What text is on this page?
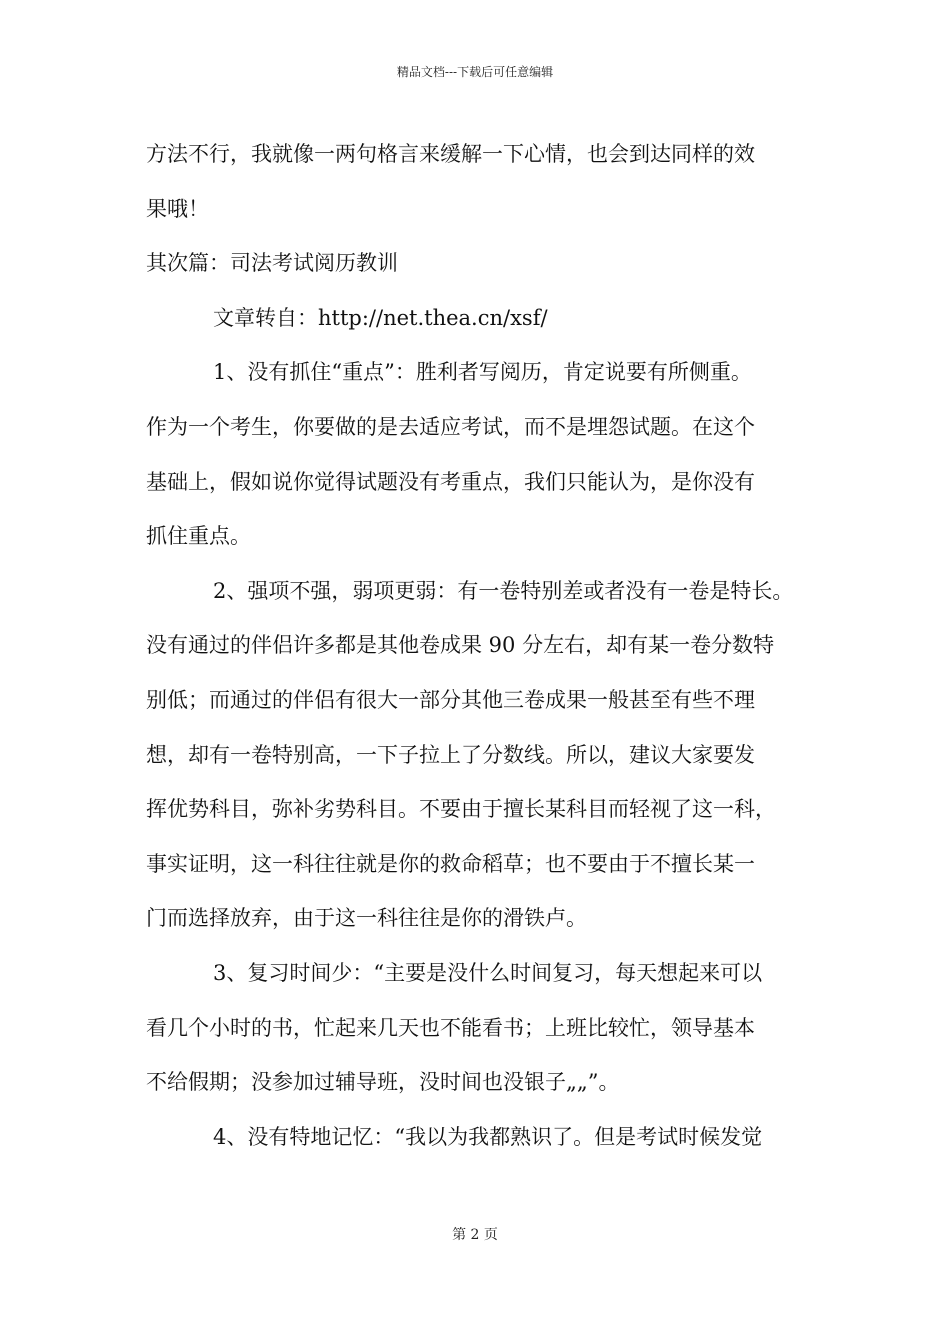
精品文档---下载后可任意编辑
方法不行，我就像一两句格言来缓解一下心情，也会到达同样的效
果哦！
其次篇：司法考试阅历教训
文章转自：http://net.thea.cn/xsf/
1、没有抓住“重点”：胜利者写阅历，肯定说要有所侧重。
作为一个考生，你要做的是去适应考试，而不是埋怨试题。在这个
基础上，假如说你觉得试题没有考重点，我们只能认为，是你没有
抓住重点。
2、强项不强，弱项更弱：有一卷特别差或者没有一卷是特长。
没有通过的伴侣许多都是其他卷成果 90 分左右，却有某一卷分数特
别低；而通过的伴侣有很大一部分其他三卷成果一般甚至有些不理
想，却有一卷特别高，一下子拉上了分数线。所以，建议大家要发
挥优势科目，弥补劣势科目。不要由于擅长某科目而轻视了这一科，
事实证明，这一科往往就是你的救命稻草；也不要由于不擅长某一
门而选择放弃，由于这一科往往是你的滑铁卢。
3、复习时间少：“主要是没什么时间复习，每天想起来可以
看几个小时的书，忙起来几天也不能看书；上班比较忙，领导基本
不给假期；没参加过辅导班，没时间也没银子„„”。
4、没有特地记忆：“我以为我都熟识了。但是考试时候发觉
第 2 页
